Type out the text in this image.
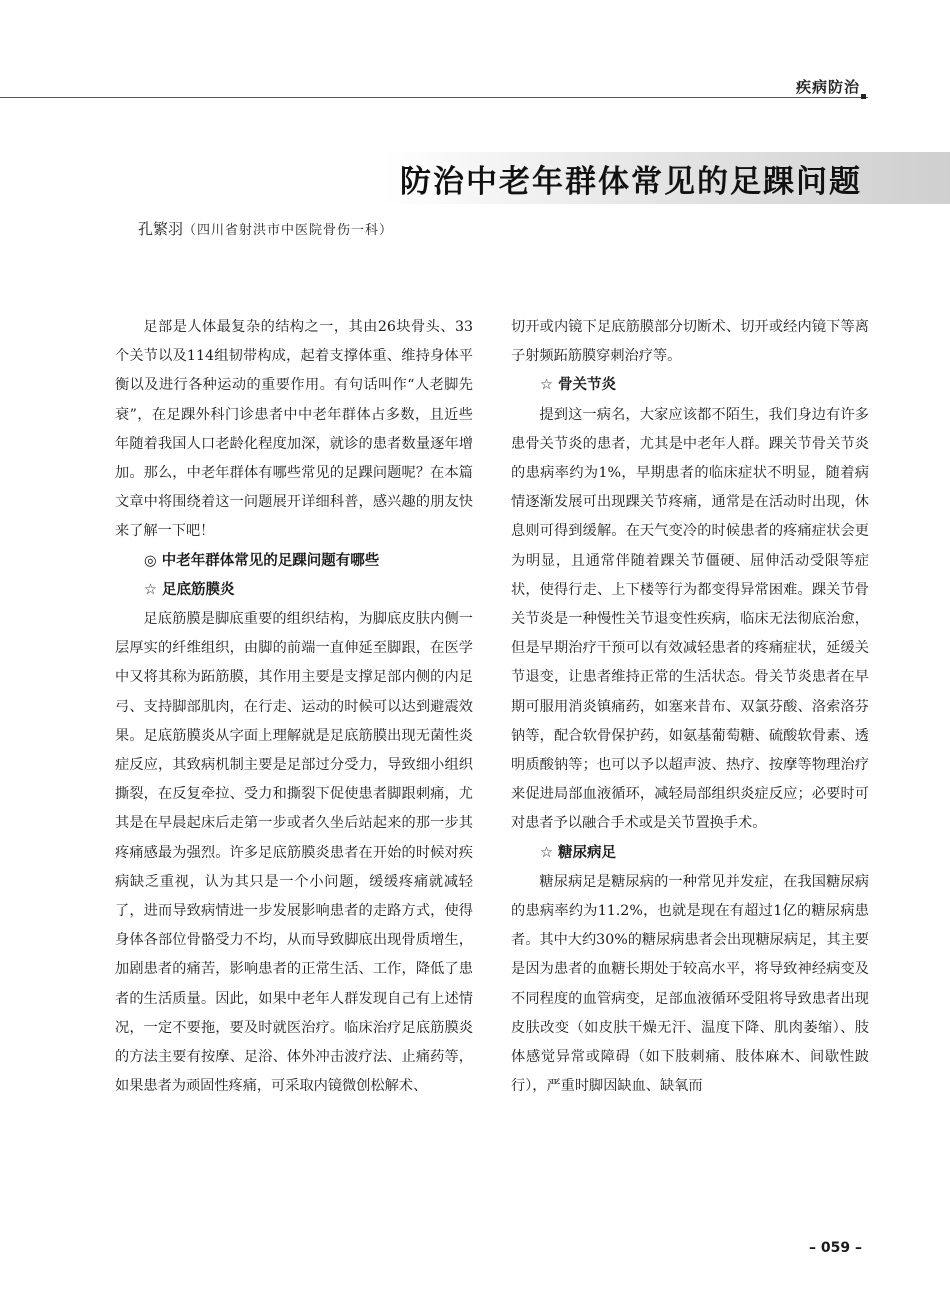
疾病防治
防治中老年群体常见的足踝问题
孔繁羽（四川省射洪市中医院骨伤一科）

足部是人体最复杂的结构之一，其由26块骨头、33个关节以及114组韧带构成，起着支撑体重、维持身体平衡以及进行各种运动的重要作用。有句话叫作“人老脚先衰”，在足踝外科门诊患者中中老年群体占多数，且近些年随着我国人口老龄化程度加深，就诊的患者数量逐年增加。那么，中老年群体有哪些常见的足踝问题呢？在本篇文章中将围绕着这一问题展开详细科普，感兴趣的朋友快来了解一下吧！

◎ 中老年群体常见的足踝问题有哪些
☆ 足底筋膜炎

足底筋膜是脚底重要的组织结构，为脚底皮肤内侧一层厚实的纤维组织，由脚的前端一直伸延至脚跟，在医学中又将其称为跖筋膜，其作用主要是支撑足部内侧的内足弓、支持脚部肌肉，在行走、运动的时候可以达到避震效果。足底筋膜炎从字面上理解就是足底筋膜出现无菌性炎症反应，其致病机制主要是足部过分受力，导致细小组织撕裂，在反复牵拉、受力和撕裂下促使患者脚跟刺痛，尤其是在早晨起床后走第一步或者久坐后站起来的那一步其疼痛感最为强烈。许多足底筋膜炎患者在开始的时候对疾病缺乏重视，认为其只是一个小问题，缓缓疼痛就减轻了，进而导致病情进一步发展影响患者的走路方式，使得身体各部位骨骼受力不均，从而导致脚底出现骨质增生，加剧患者的痛苦，影响患者的正常生活、工作，降低了患者的生活质量。因此，如果中老年人群发现自己有上述情况，一定不要拖，要及时就医治疗。临床治疗足底筋膜炎的方法主要有按摩、足浴、体外冲击波疗法、止痛药等，如果患者为顽固性疼痛，可采取内镜微创松解术、

切开或内镜下足底筋膜部分切断术、切开或经内镜下等离子射频跖筋膜穿刺治疗等。

☆ 骨关节炎

提到这一病名，大家应该都不陌生，我们身边有许多患骨关节炎的患者，尤其是中老年人群。踝关节骨关节炎的患病率约为1%，早期患者的临床症状不明显，随着病情逐渐发展可出现踝关节疼痛，通常是在活动时出现，休息则可得到缓解。在天气变冷的时候患者的疼痛症状会更为明显，且通常伴随着踝关节僵硬、屈伸活动受限等症状，使得行走、上下楼等行为都变得异常困难。踝关节骨关节炎是一种慢性关节退变性疾病，临床无法彻底治愈，但是早期治疗干预可以有效减轻患者的疼痛症状，延缓关节退变，让患者维持正常的生活状态。骨关节炎患者在早期可服用消炎镇痛药，如塞来昔布、双氯芬酸、洛索洛芬钠等，配合软骨保护药，如氨基葡萄糖、硫酸软骨素、透明质酸钠等；也可以予以超声波、热疗、按摩等物理治疗来促进局部血液循环，减轻局部组织炎症反应；必要时可对患者予以融合手术或是关节置换手术。

☆ 糖尿病足

糖尿病足是糖尿病的一种常见并发症，在我国糖尿病的患病率约为11.2%，也就是现在有超过1亿的糖尿病患者。其中大约30%的糖尿病患者会出现糖尿病足，其主要是因为患者的血糖长期处于较高水平，将导致神经病变及不同程度的血管病变，足部血液循环受阻将导致患者出现皮肤改变（如皮肤干燥无汗、温度下降、肌肉萎缩）、肢体感觉异常或障碍（如下肢刺痛、肢体麻木、间歇性跛行），严重时脚因缺血、缺氧而

– 059 –
